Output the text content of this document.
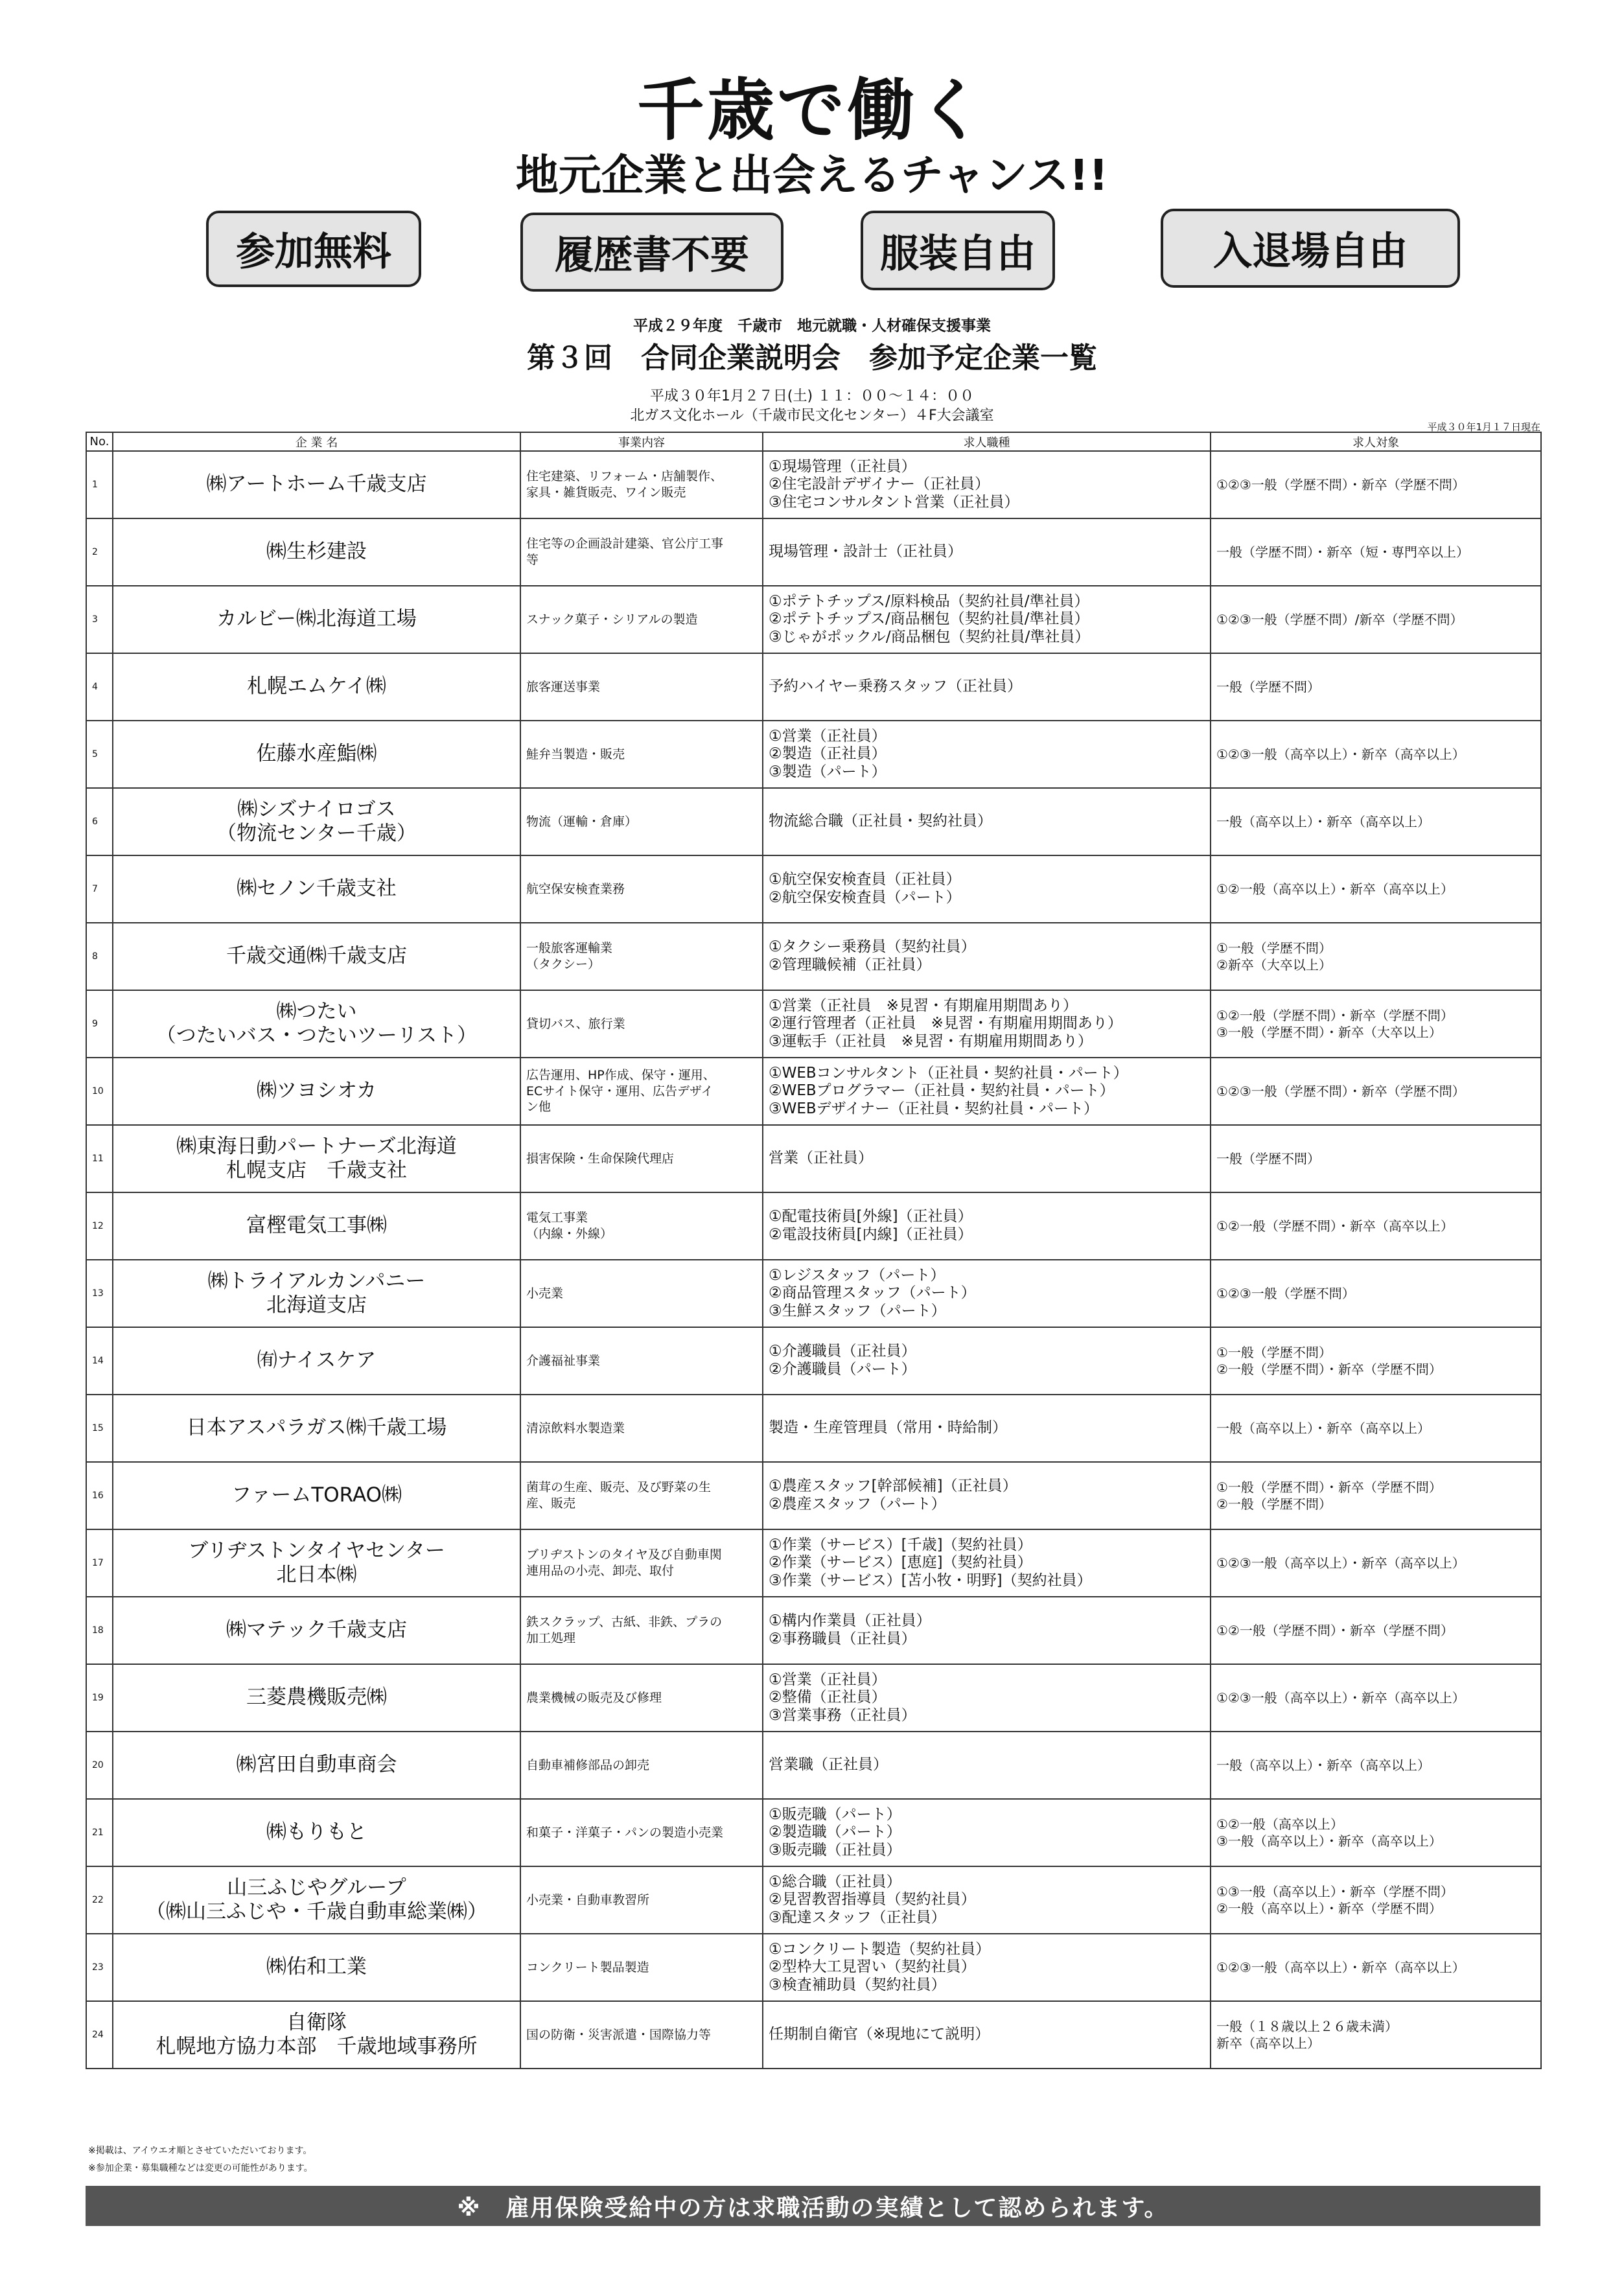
千歳で働く
地元企業と出会えるチャンス!!
参加無料	履歴書不要	服装自由	入退場自由
平成２９年度　千歳市　地元就職・人材確保支援事業
第３回　合同企業説明会　参加予定企業一覧
平成３０年1月２７日(土) １１：００～１４：００
北ガス文化ホール（千歳市民文化センター）４F大会議室
平成３０年1月１７日現在
No.	企 業 名	事業内容	求人職種	求人対象
1	㈱アートホーム千歳支店	住宅建築、リフォーム・店舗製作、
家具・雑貨販売、ワイン販売	①現場管理（正社員）
②住宅設計デザイナー（正社員）
③住宅コンサルタント営業（正社員）	①②③一般（学歴不問）・新卒（学歴不問）

2	㈱生杉建設	住宅等の企画設計建築、官公庁工事
等	現場管理・設計士（正社員）	一般（学歴不問）・新卒（短・専門卒以上）

3	カルビー㈱北海道工場	スナック菓子・シリアルの製造	①ポテトチップス/原料検品（契約社員/準社員）
②ポテトチップス/商品梱包（契約社員/準社員）
③じゃがポックル/商品梱包（契約社員/準社員）	①②③一般（学歴不問）/新卒（学歴不問）

4	札幌エムケイ㈱	旅客運送事業	予約ハイヤー乗務スタッフ（正社員）	一般（学歴不問）

5	佐藤水産鮨㈱	鮭弁当製造・販売	①営業（正社員）
②製造（正社員）
③製造（パート）	①②③一般（高卒以上）・新卒（高卒以上）

6	㈱シズナイロゴス
（物流センター千歳）	物流（運輸・倉庫）	物流総合職（正社員・契約社員）	一般（高卒以上）・新卒（高卒以上）

7	㈱セノン千歳支社	航空保安検査業務	①航空保安検査員（正社員）
②航空保安検査員（パート）	①②一般（高卒以上）・新卒（高卒以上）

8	千歳交通㈱千歳支店	一般旅客運輸業
（タクシー）	①タクシー乗務員（契約社員）
②管理職候補（正社員）	①一般（学歴不問）
②新卒（大卒以上）

9	㈱つたい
（つたいバス・つたいツーリスト）	貸切バス、旅行業	①営業（正社員　※見習・有期雇用期間あり）
②運行管理者（正社員　※見習・有期雇用期間あり）
③運転手（正社員　※見習・有期雇用期間あり）	①②一般（学歴不問）・新卒（学歴不問）
③一般（学歴不問）・新卒（大卒以上）

10	㈱ツヨシオカ	広告運用、HP作成、保守・運用、
ECサイト保守・運用、広告デザイ
ン他	①WEBコンサルタント（正社員・契約社員・パート）
②WEBプログラマー（正社員・契約社員・パート）
③WEBデザイナー（正社員・契約社員・パート）	①②③一般（学歴不問）・新卒（学歴不問）

11	㈱東海日動パートナーズ北海道
札幌支店　千歳支社	損害保険・生命保険代理店	営業（正社員）	一般（学歴不問）

12	富樫電気工事㈱	電気工事業
（内線・外線）	①配電技術員[外線]（正社員）
②電設技術員[内線]（正社員）	①②一般（学歴不問）・新卒（高卒以上）

13	㈱トライアルカンパニー
北海道支店	小売業	①レジスタッフ（パート）
②商品管理スタッフ（パート）
③生鮮スタッフ（パート）	①②③一般（学歴不問）

14	㈲ナイスケア	介護福祉事業	①介護職員（正社員）
②介護職員（パート）	①一般（学歴不問）
②一般（学歴不問）・新卒（学歴不問）

15	日本アスパラガス㈱千歳工場	清涼飲料水製造業	製造・生産管理員（常用・時給制）	一般（高卒以上）・新卒（高卒以上）

16	ファームTORAO㈱	菌茸の生産、販売、及び野菜の生
産、販売	①農産スタッフ[幹部候補]（正社員）
②農産スタッフ（パート）	①一般（学歴不問）・新卒（学歴不問）
②一般（学歴不問）

17	ブリヂストンタイヤセンター
北日本㈱	ブリヂストンのタイヤ及び自動車関
連用品の小売、卸売、取付	①作業（サービス）[千歳]（契約社員）
②作業（サービス）[恵庭]（契約社員）
③作業（サービス）[苫小牧・明野]（契約社員）	①②③一般（高卒以上）・新卒（高卒以上）

18	㈱マテック千歳支店	鉄スクラップ、古紙、非鉄、プラの
加工処理	①構内作業員（正社員）
②事務職員（正社員）	①②一般（学歴不問）・新卒（学歴不問）

19	三菱農機販売㈱	農業機械の販売及び修理	①営業（正社員）
②整備（正社員）
③営業事務（正社員）	①②③一般（高卒以上）・新卒（高卒以上）

20	㈱宮田自動車商会	自動車補修部品の卸売	営業職（正社員）	一般（高卒以上）・新卒（高卒以上）

21	㈱もりもと	和菓子・洋菓子・パンの製造小売業	①販売職（パート）
②製造職（パート）
③販売職（正社員）	①②一般（高卒以上）
③一般（高卒以上）・新卒（高卒以上）

22	山三ふじやグループ
（㈱山三ふじや・千歳自動車総業㈱）	小売業・自動車教習所	①総合職（正社員）
②見習教習指導員（契約社員）
③配達スタッフ（正社員）	①③一般（高卒以上）・新卒（学歴不問）
②一般（高卒以上）・新卒（学歴不問）

23	㈱佑和工業	コンクリート製品製造	①コンクリート製造（契約社員）
②型枠大工見習い（契約社員）
③検査補助員（契約社員）	①②③一般（高卒以上）・新卒（高卒以上）

24	自衛隊
札幌地方協力本部　千歳地域事務所	国の防衛・災害派遣・国際協力等	任期制自衛官（※現地にて説明）	一般（１８歳以上２６歳未満）
新卒（高卒以上）
※掲載は、アイウエオ順とさせていただいております。
※参加企業・募集職種などは変更の可能性があります。
※　雇用保険受給中の方は求職活動の実績として認められます。
